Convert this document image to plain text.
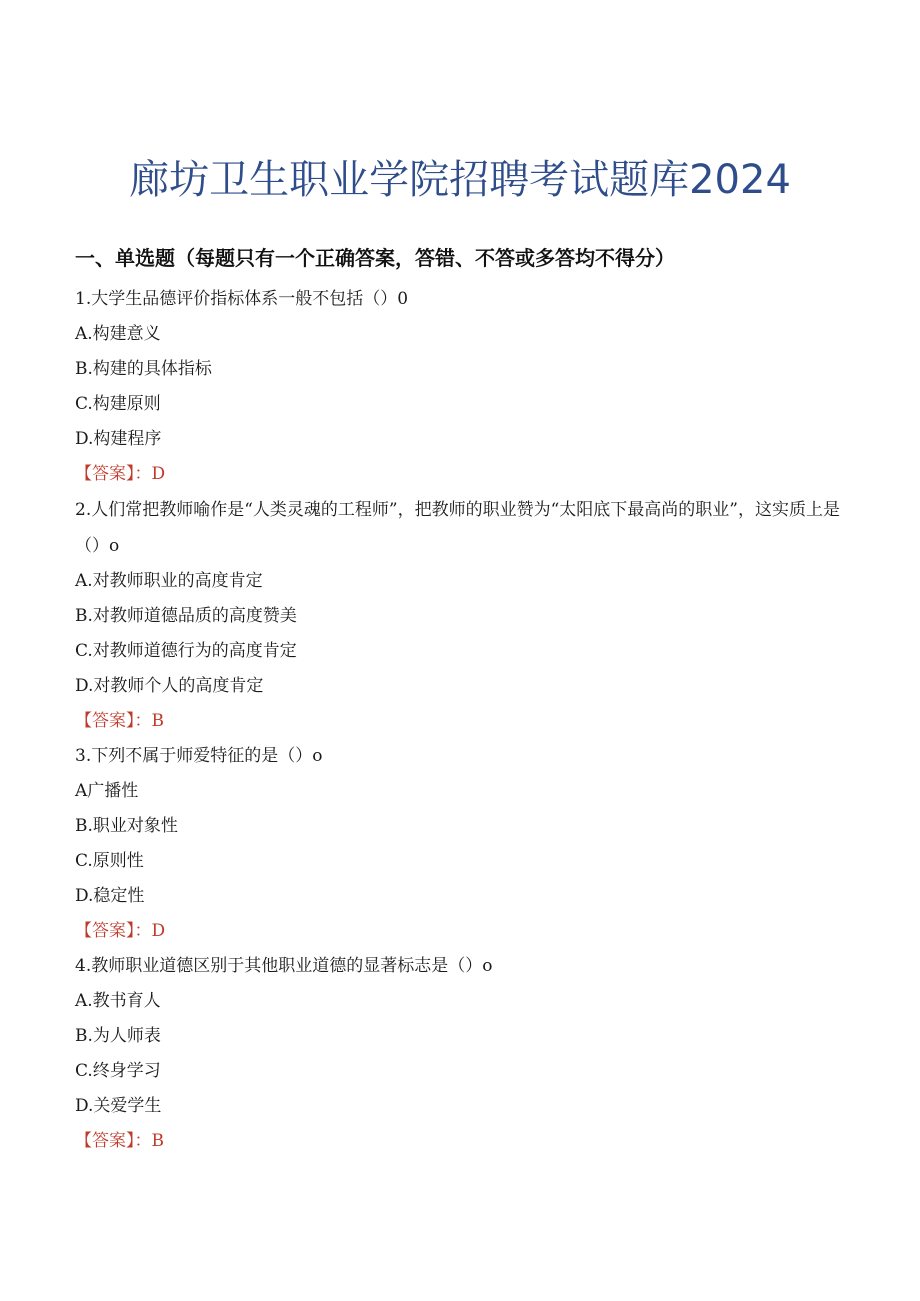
廊坊卫生职业学院招聘考试题库2024
一、单选题（每题只有一个正确答案，答错、不答或多答均不得分）

1.大学生品德评价指标体系一般不包括（）0

A.构建意义

B.构建的具体指标

C.构建原则

D.构建程序

【答案】：D

2.人们常把教师喻作是“人类灵魂的工程师”，把教师的职业赞为“太阳底下最高尚的职业”，这实质上是（）o

A.对教师职业的高度肯定

B.对教师道德品质的高度赞美

C.对教师道德行为的高度肯定

D.对教师个人的高度肯定

【答案】：B

3.下列不属于师爱特征的是（）o

A广播性

B.职业对象性

C.原则性

D.稳定性

【答案】：D

4.教师职业道德区别于其他职业道德的显著标志是（）o

A.教书育人

B.为人师表

C.终身学习

D.关爱学生

【答案】：B
